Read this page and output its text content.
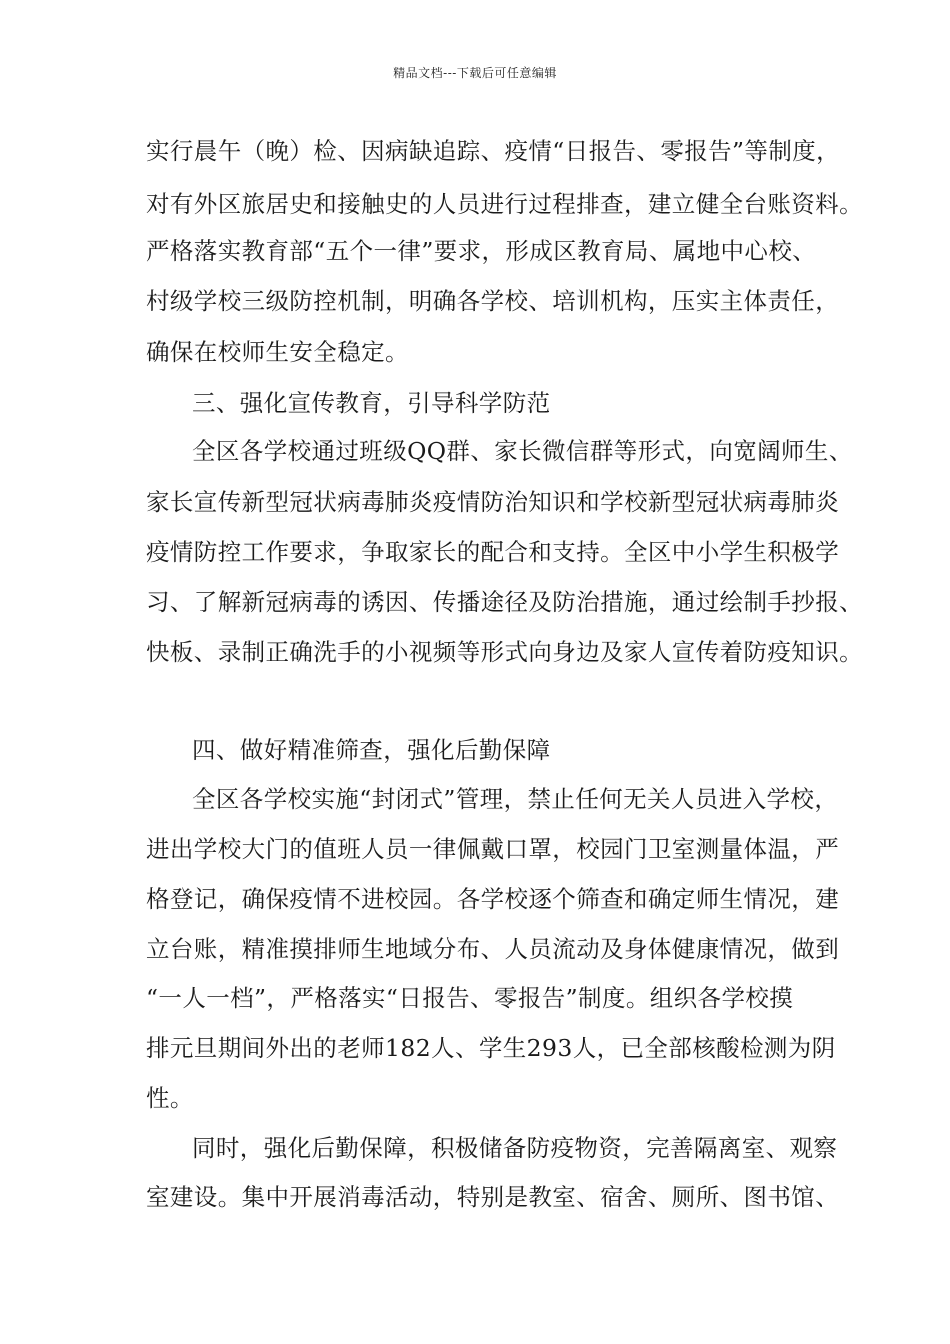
精品文档---下载后可任意编辑
实行晨午（晚）检、因病缺追踪、疫情“日报告、零报告”等制度，
对有外区旅居史和接触史的人员进行过程排查，建立健全台账资料。
严格落实教育部“五个一律”要求，形成区教育局、属地中心校、
村级学校三级防控机制，明确各学校、培训机构，压实主体责任，
确保在校师生安全稳定。
三、强化宣传教育，引导科学防范
全区各学校通过班级QQ群、家长微信群等形式，向宽阔师生、
家长宣传新型冠状病毒肺炎疫情防治知识和学校新型冠状病毒肺炎
疫情防控工作要求，争取家长的配合和支持。全区中小学生积极学
习、了解新冠病毒的诱因、传播途径及防治措施，通过绘制手抄报、
快板、录制正确洗手的小视频等形式向身边及家人宣传着防疫知识。
四、做好精准筛查，强化后勤保障
全区各学校实施“封闭式”管理，禁止任何无关人员进入学校，
进出学校大门的值班人员一律佩戴口罩，校园门卫室测量体温，严
格登记，确保疫情不进校园。各学校逐个筛查和确定师生情况，建
立台账，精准摸排师生地域分布、人员流动及身体健康情况，做到
“一人一档”，严格落实“日报告、零报告”制度。组织各学校摸
排元旦期间外出的老师182人、学生293人，已全部核酸检测为阴
性。
同时，强化后勤保障，积极储备防疫物资，完善隔离室、观察
室建设。集中开展消毒活动，特别是教室、宿舍、厕所、图书馆、
